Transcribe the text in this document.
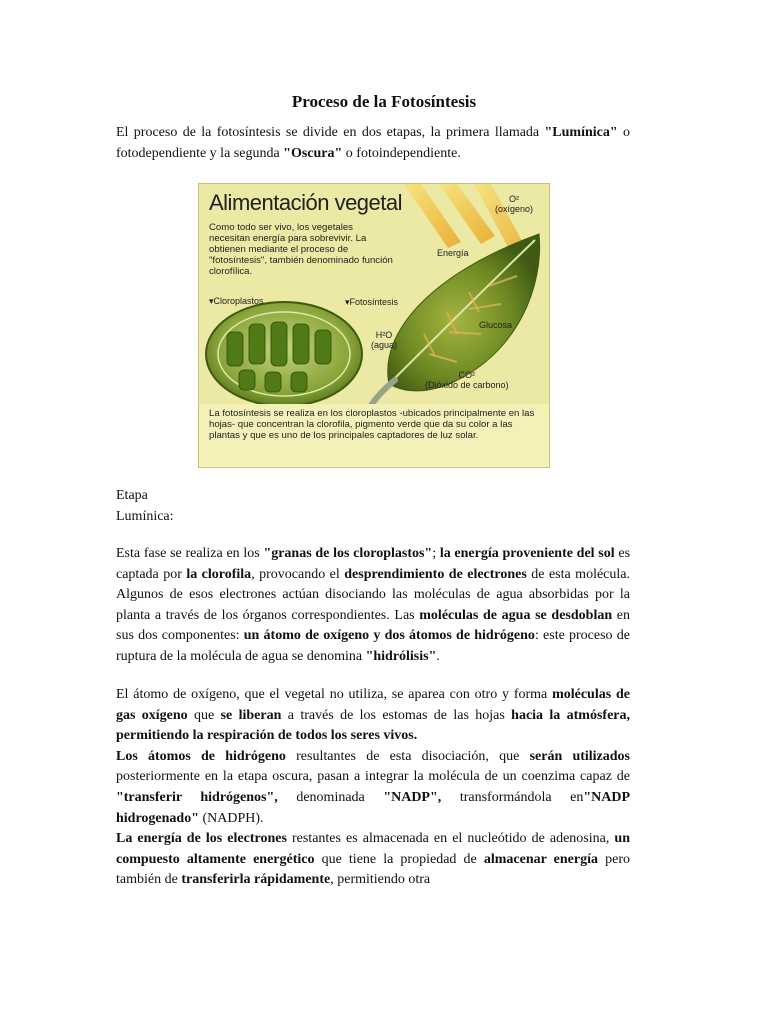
Proceso de la Fotosíntesis
El proceso de la fotosíntesis se divide en dos etapas, la primera llamada "Lumínica" o fotodependiente y la segunda "Oscura" o fotoindependiente.
Alimentación vegetal
Como todo ser vivo, los vegetales necesitan energía para sobrevivir. La obtienen mediante el proceso de "fotosíntesis", también denominado función clorofílica.
O²
(oxígeno)
Energía
▾Cloroplastos	▾Fotosíntesis
H²O
(agua)
Glucosa
CO²
(Dióxido de carbono)
La fotosíntesis se realiza en los cloroplastos -ubicados principalmente en las hojas- que concentran la clorofila, pigmento verde que da su color a las plantas y que es uno de los principales captadores de luz solar.
Etapa
Lumínica:
Esta fase se realiza en los "granas de los cloroplastos"; la energía proveniente del sol es captada por la clorofila, provocando el desprendimiento de electrones de esta molécula. Algunos de esos electrones actúan disociando las moléculas de agua absorbidas por la planta a través de los órganos correspondientes. Las moléculas de agua se desdoblan en sus dos componentes: un átomo de oxígeno y dos átomos de hidrógeno: este proceso de ruptura de la molécula de agua se denomina "hidrólisis".
El átomo de oxígeno, que el vegetal no utiliza, se aparea con otro y forma moléculas de gas oxígeno que se liberan a través de los estomas de las hojas hacia la atmósfera, permitiendo la respiración de todos los seres vivos.
Los átomos de hidrógeno resultantes de esta disociación, que serán utilizados posteriormente en la etapa oscura, pasan a integrar la molécula de un coenzima capaz de "transferir hidrógenos", denominada "NADP", transformándola en"NADP hidrogenado" (NADPH).
La energía de los electrones restantes es almacenada en el nucleótido de adenosina, un compuesto altamente energético que tiene la propiedad de almacenar energía pero también de transferirla rápidamente, permitiendo otra
